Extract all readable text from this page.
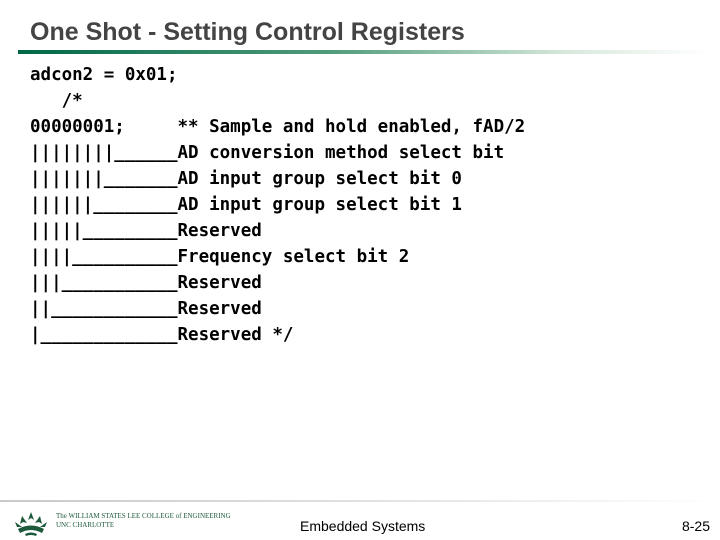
One Shot - Setting Control Registers
adcon2 = 0x01;
/*
00000001;     ** Sample and hold enabled, fAD/2
||||||||______AD conversion method select bit
|||||||_______AD input group select bit 0
||||||________AD input group select bit 1
|||||_________Reserved
||||__________Frequency select bit 2
|||___________Reserved
||____________Reserved
|_____________Reserved */
The WILLIAM STATES LEE COLLEGE of ENGINEERING
UNC CHARLOTTE	Embedded Systems	8-25
